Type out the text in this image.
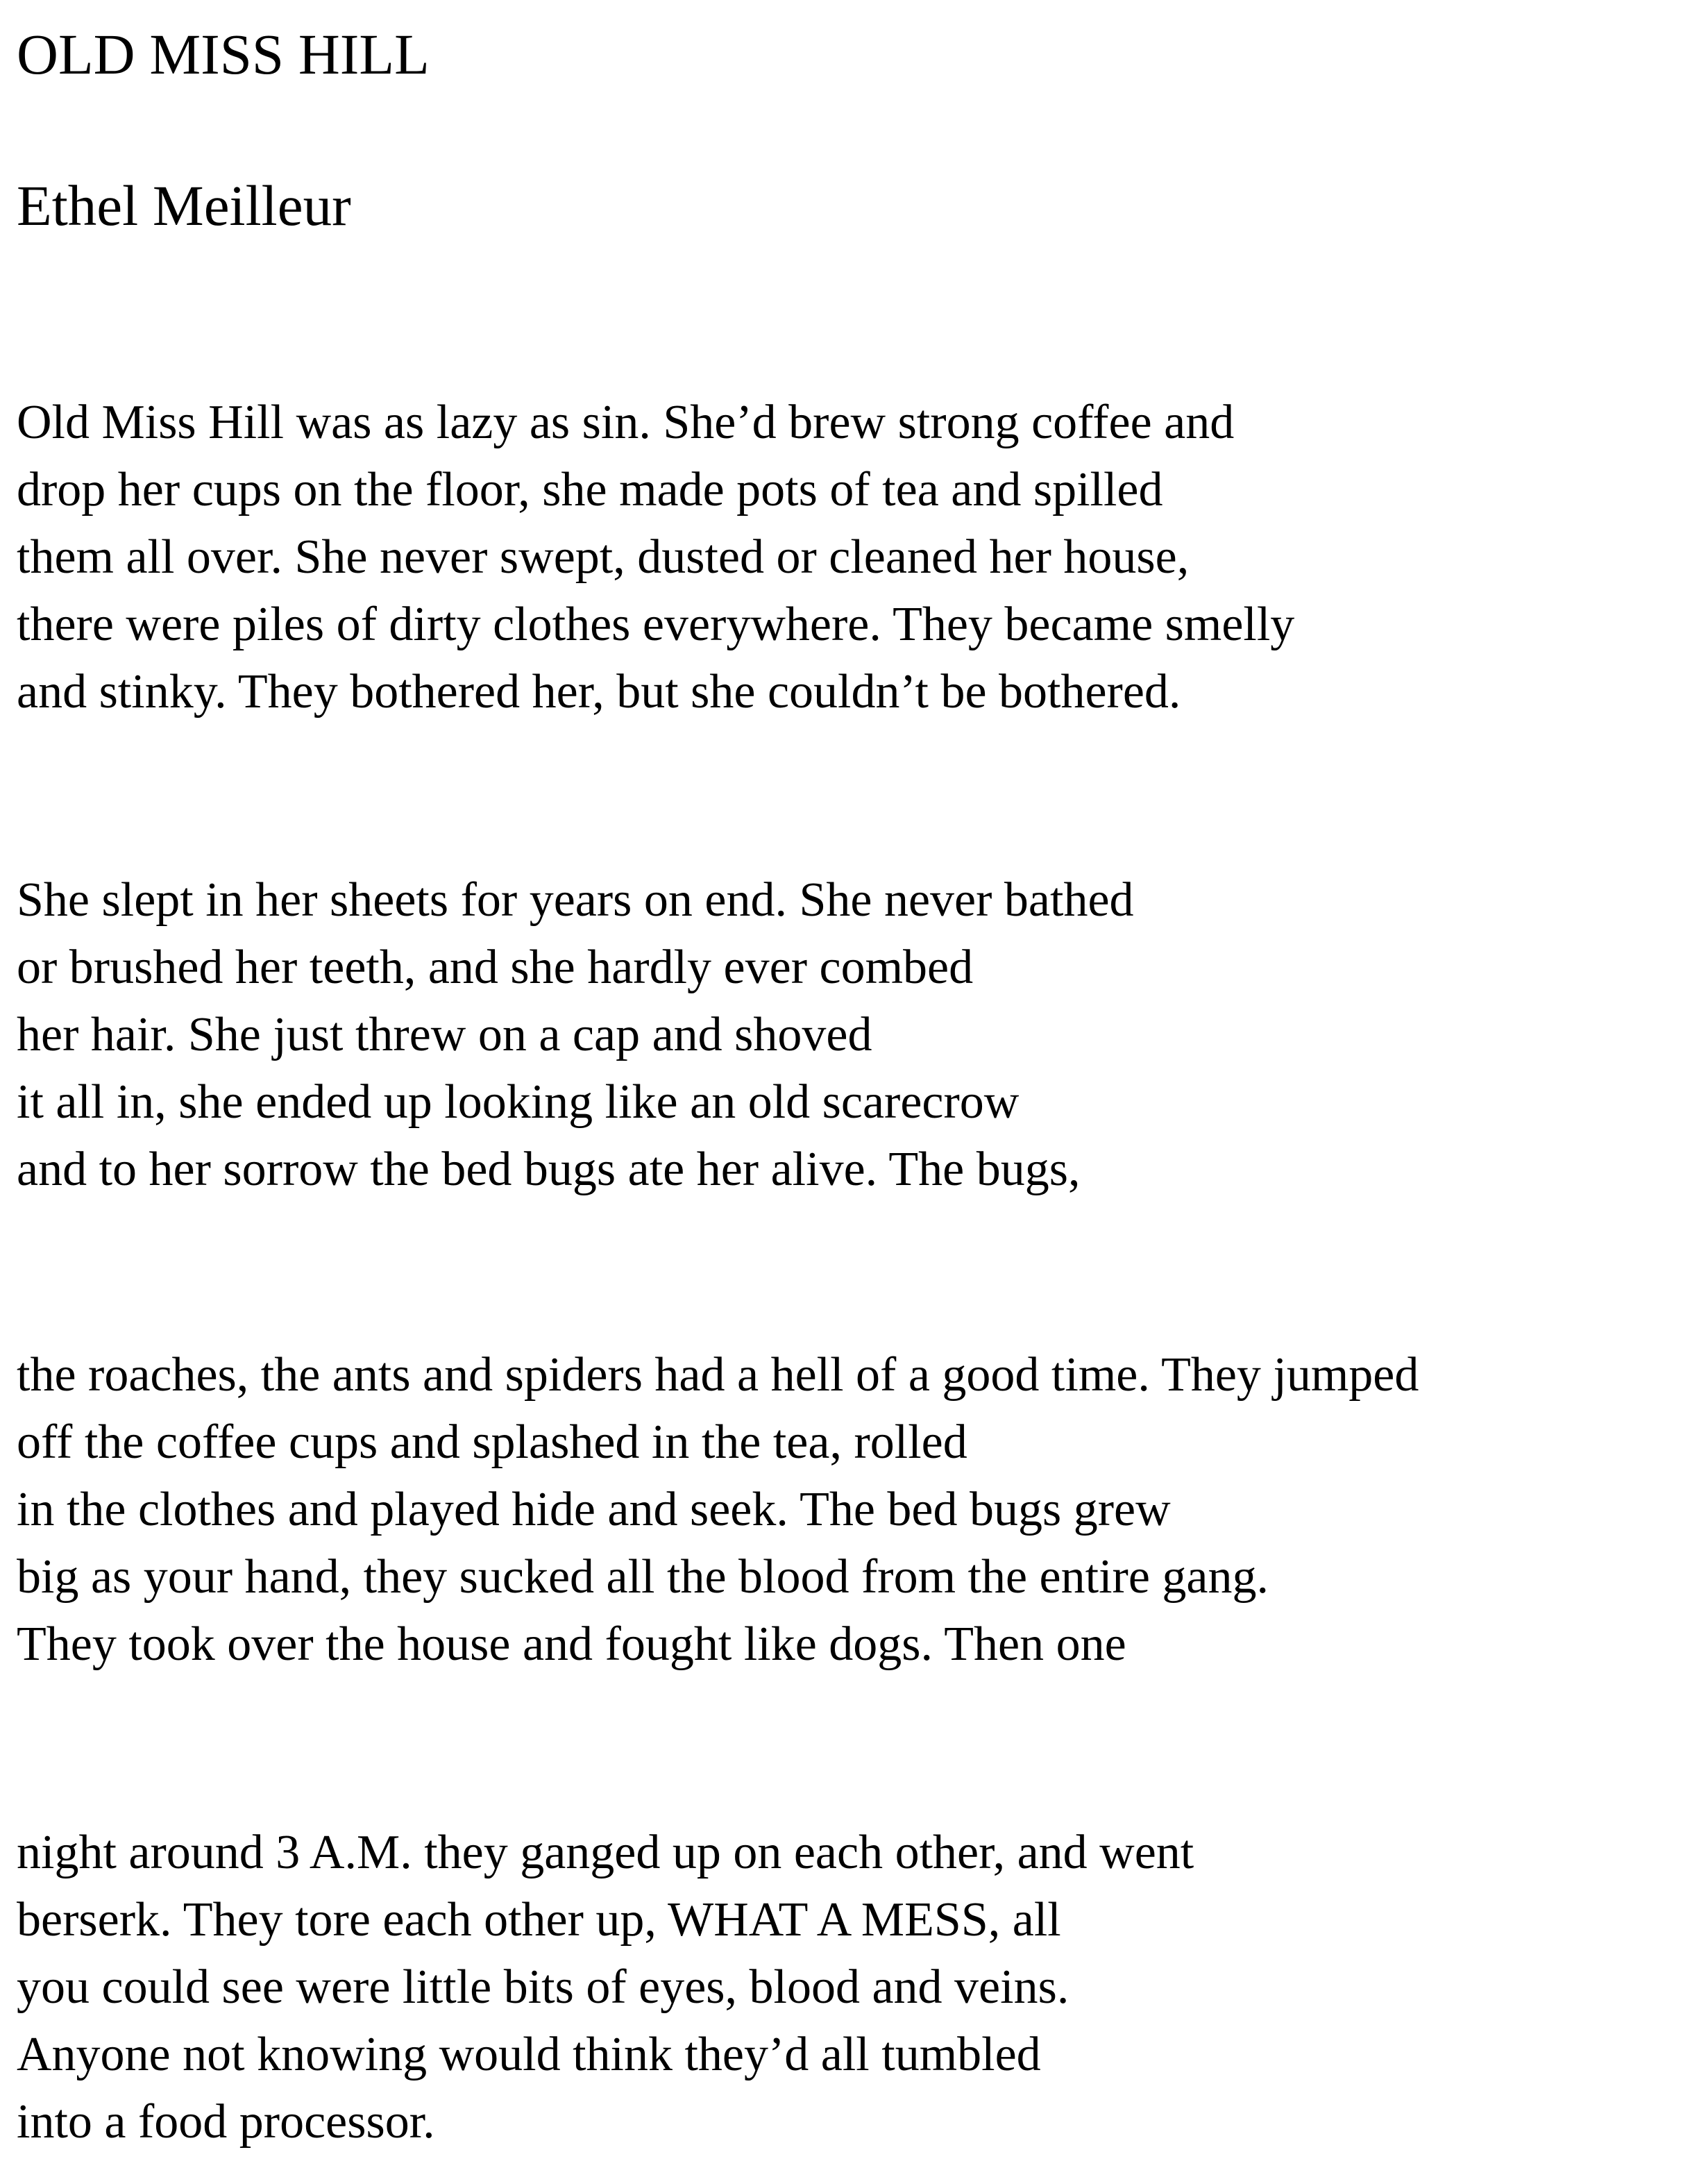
OLD MISS HILL
Ethel Meilleur
Old Miss Hill was as lazy as sin. She’d brew strong coffee and
drop her cups on the floor, she made pots of tea and spilled
them all over. She never swept, dusted or cleaned her house,
there were piles of dirty clothes everywhere. They became smelly
and stinky. They bothered her, but she couldn’t be bothered.
She slept in her sheets for years on end. She never bathed
or brushed her teeth, and she hardly ever combed
her hair. She just threw on a cap and shoved
it all in, she ended up looking like an old scarecrow
and to her sorrow the bed bugs ate her alive. The bugs,
the roaches, the ants and spiders had a hell of a good time. They jumped
off the coffee cups and splashed in the tea, rolled
in the clothes and played hide and seek. The bed bugs grew
big as your hand, they sucked all the blood from the entire gang.
They took over the house and fought like dogs. Then one
night around 3 A.M. they ganged up on each other, and went
berserk. They tore each other up, WHAT A MESS, all
you could see were little bits of eyes, blood and veins.
Anyone not knowing would think they’d all tumbled
into a food processor.
